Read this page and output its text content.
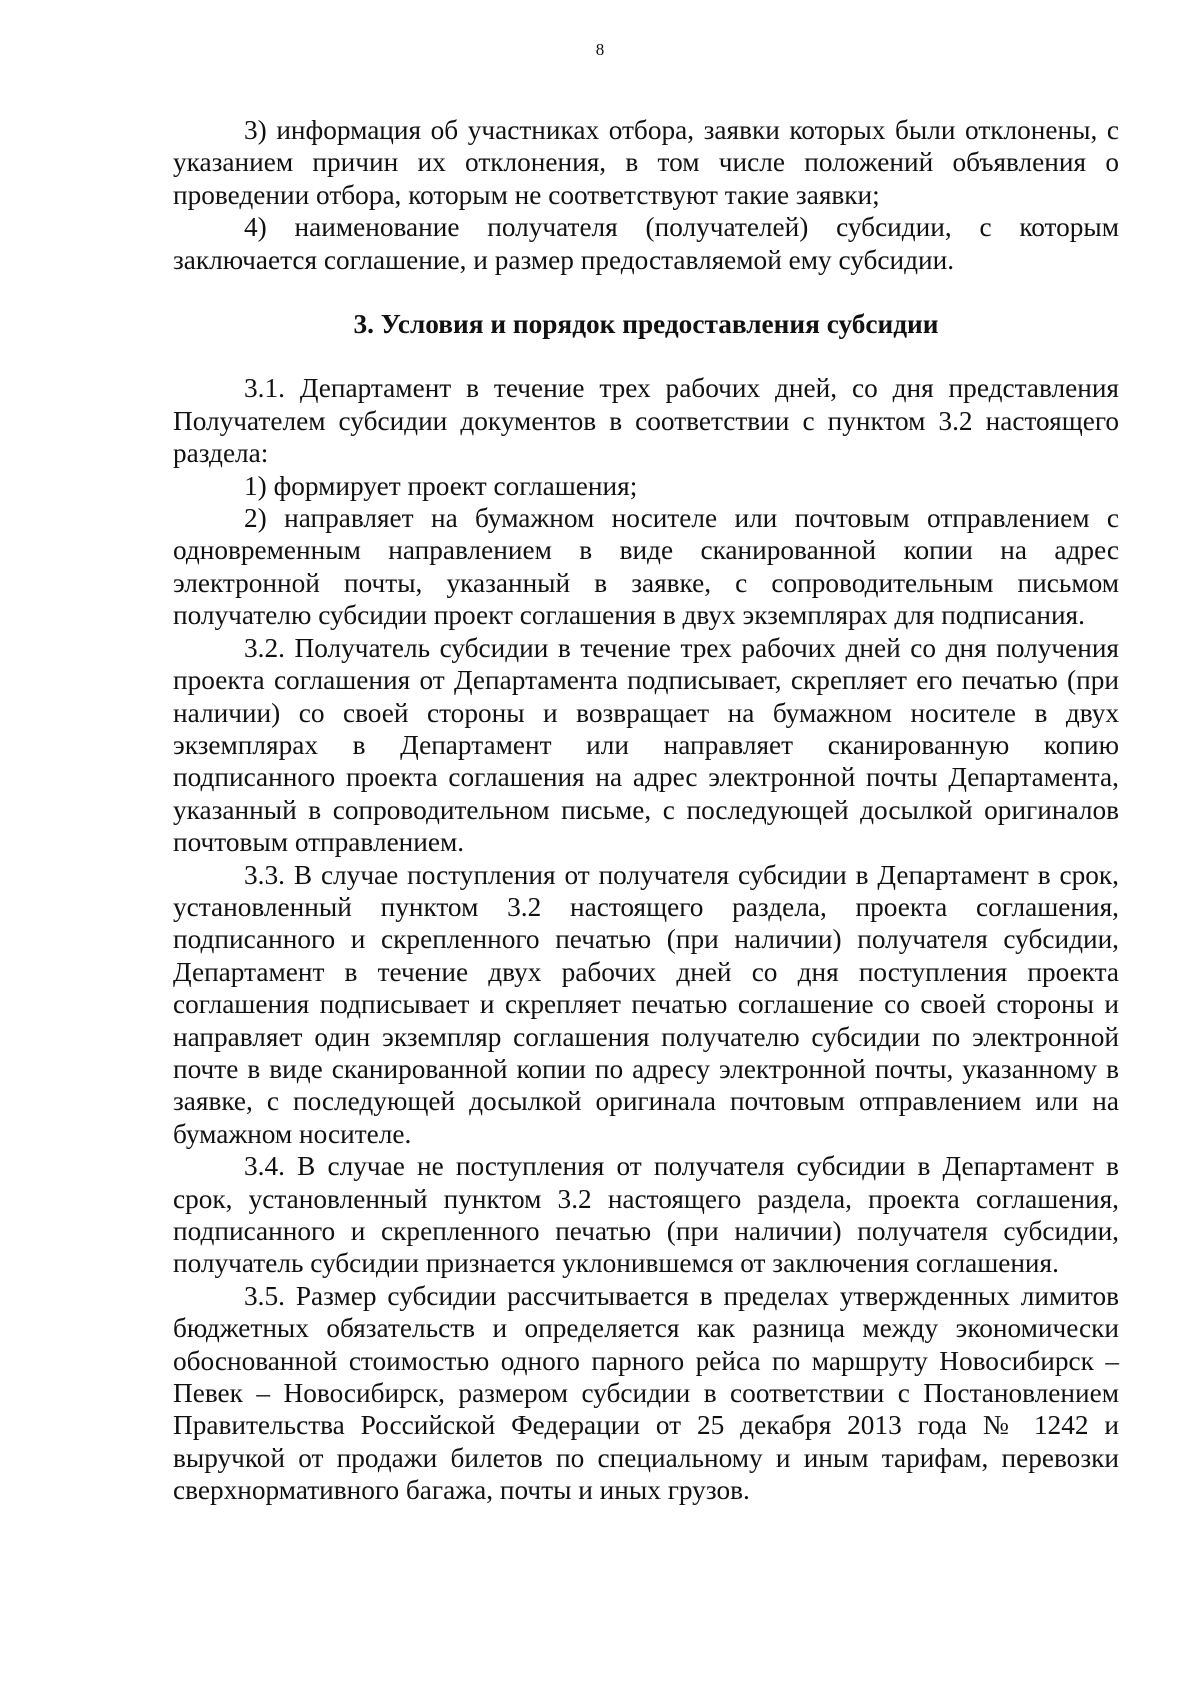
8

3) информация об участниках отбора, заявки которых были отклонены, с указанием причин их отклонения, в том числе положений объявления о проведении отбора, которым не соответствуют такие заявки;

4) наименование получателя (получателей) субсидии, с которым заключается соглашение, и размер предоставляемой ему субсидии.

3. Условия и порядок предоставления субсидии

3.1. Департамент в течение трех рабочих дней, со дня представления Получателем субсидии документов в соответствии с пунктом 3.2 настоящего раздела:

1) формирует проект соглашения;

2) направляет на бумажном носителе или почтовым отправлением с одновременным направлением в виде сканированной копии на адрес электронной почты, указанный в заявке, с сопроводительным письмом получателю субсидии проект соглашения в двух экземплярах для подписания.

3.2. Получатель субсидии в течение трех рабочих дней со дня получения проекта соглашения от Департамента подписывает, скрепляет его печатью (при наличии) со своей стороны и возвращает на бумажном носителе в двух экземплярах в Департамент или направляет сканированную копию подписанного проекта соглашения на адрес электронной почты Департамента, указанный в сопроводительном письме, с последующей досылкой оригиналов почтовым отправлением.

3.3. В случае поступления от получателя субсидии в Департамент в срок, установленный пунктом 3.2 настоящего раздела, проекта соглашения, подписанного и скрепленного печатью (при наличии) получателя субсидии, Департамент в течение двух рабочих дней со дня поступления проекта соглашения подписывает и скрепляет печатью соглашение со своей стороны и направляет один экземпляр соглашения получателю субсидии по электронной почте в виде сканированной копии по адресу электронной почты, указанному в заявке, с последующей досылкой оригинала почтовым отправлением или на бумажном носителе.

3.4. В случае не поступления от получателя субсидии в Департамент в срок, установленный пунктом 3.2 настоящего раздела, проекта соглашения, подписанного и скрепленного печатью (при наличии) получателя субсидии, получатель субсидии признается уклонившемся от заключения соглашения.

3.5. Размер субсидии рассчитывается в пределах утвержденных лимитов бюджетных обязательств и определяется как разница между экономически обоснованной стоимостью одного парного рейса по маршруту Новосибирск – Певек – Новосибирск, размером субсидии в соответствии с Постановлением Правительства Российской Федерации от 25 декабря 2013 года № 1242 и выручкой от продажи билетов по специальному и иным тарифам, перевозки сверхнормативного багажа, почты и иных грузов.
